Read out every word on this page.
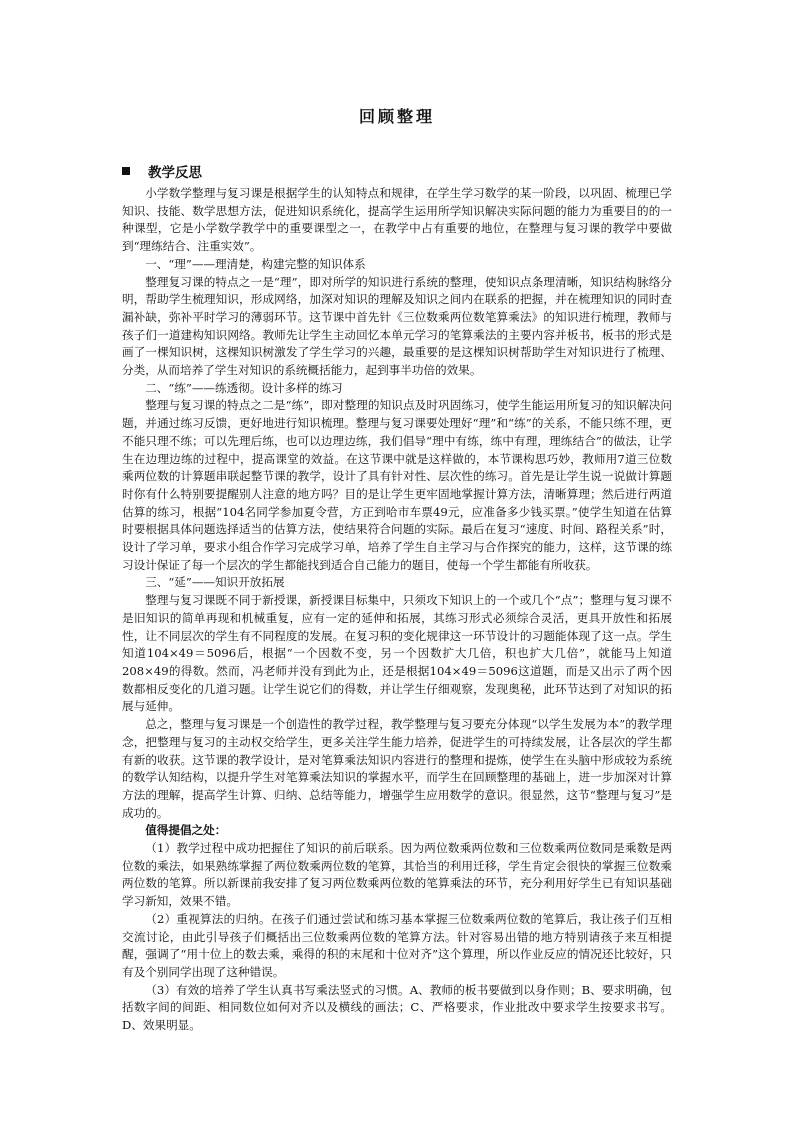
回顾整理
教学反思

小学数学整理与复习课是根据学生的认知特点和规律，在学生学习数学的某一阶段，以巩固、梳理已学知识、技能、数学思想方法，促进知识系统化，提高学生运用所学知识解决实际问题的能力为重要目的的一种课型，它是小学数学教学中的重要课型之一，在教学中占有重要的地位，在整理与复习课的教学中要做到“理练结合、注重实效”。

一、“理”——理清楚，构建完整的知识体系

整理复习课的特点之一是“理”，即对所学的知识进行系统的整理，使知识点条理清晰，知识结构脉络分明，帮助学生梳理知识，形成网络，加深对知识的理解及知识之间内在联系的把握，并在梳理知识的同时查漏补缺，弥补平时学习的薄弱环节。这节课中首先针《三位数乘两位数笔算乘法》的知识进行梳理，教师与孩子们一道建构知识网络。教师先让学生主动回忆本单元学习的笔算乘法的主要内容并板书，板书的形式是画了一棵知识树，这棵知识树激发了学生学习的兴趣，最重要的是这棵知识树帮助学生对知识进行了梳理、分类，从而培养了学生对知识的系统概括能力，起到事半功倍的效果。

二、“练”——练透彻。设计多样的练习

整理与复习课的特点之二是“练”，即对整理的知识点及时巩固练习，使学生能运用所复习的知识解决问题，并通过练习反馈，更好地进行知识梳理。整理与复习课要处理好“理”和“练”的关系，不能只练不理，更不能只理不练；可以先理后练，也可以边理边练，我们倡导“理中有练，练中有理，理练结合”的做法，让学生在边理边练的过程中，提高课堂的效益。在这节课中就是这样做的，本节课构思巧妙，教师用7道三位数乘两位数的计算题串联起整节课的教学，设计了具有针对性、层次性的练习。首先是让学生说一说做计算题时你有什么特别要提醒别人注意的地方吗？目的是让学生更牢固地掌握计算方法，清晰算理；然后进行两道估算的练习，根据“104名同学参加夏令营，方正到哈市车票49元，应准备多少钱买票。”使学生知道在估算时要根据具体问题选择适当的估算方法，使结果符合问题的实际。最后在复习“速度、时间、路程关系”时，设计了学习单，要求小组合作学习完成学习单，培养了学生自主学习与合作探究的能力，这样，这节课的练习设计保证了每一个层次的学生都能找到适合自己能力的题目，使每一个学生都能有所收获。

三、“延”——知识开放拓展

整理与复习课既不同于新授课，新授课目标集中，只须攻下知识上的一个或几个“点”；整理与复习课不是旧知识的简单再现和机械重复，应有一定的延伸和拓展，其练习形式必须综合灵活，更具开放性和拓展性，让不同层次的学生有不同程度的发展。在复习积的变化规律这一环节设计的习题能体现了这一点。学生知道104×49＝5096后，根据“一个因数不变，另一个因数扩大几倍，积也扩大几倍”，就能马上知道208×49的得数。然而，冯老师并没有到此为止，还是根据104×49＝5096这道题，而是又出示了两个因数都相反变化的几道习题。让学生说它们的得数，并让学生仔细观察，发现奥秘，此环节达到了对知识的拓展与延伸。

总之，整理与复习课是一个创造性的教学过程，教学整理与复习要充分体现“以学生发展为本”的教学理念，把整理与复习的主动权交给学生，更多关注学生能力培养，促进学生的可持续发展，让各层次的学生都有新的收获。这节课的教学设计，是对笔算乘法知识内容进行的整理和提炼，使学生在头脑中形成较为系统的数学认知结构，以提升学生对笔算乘法知识的掌握水平，而学生在回顾整理的基础上，进一步加深对计算方法的理解，提高学生计算、归纳、总结等能力，增强学生应用数学的意识。很显然，这节“整理与复习”是成功的。

值得提倡之处：

（1）教学过程中成功把握住了知识的前后联系。因为两位数乘两位数和三位数乘两位数同是乘数是两位数的乘法，如果熟练掌握了两位数乘两位数的笔算，其恰当的利用迁移，学生肯定会很快的掌握三位数乘两位数的笔算。所以新课前我安排了复习两位数乘两位数的笔算乘法的环节，充分利用好学生已有知识基础学习新知，效果不错。

（2）重视算法的归纳。在孩子们通过尝试和练习基本掌握三位数乘两位数的笔算后，我让孩子们互相交流讨论，由此引导孩子们概括出三位数乘两位数的笔算方法。针对容易出错的地方特别请孩子来互相提醒，强调了“用十位上的数去乘，乘得的积的末尾和十位对齐”这个算理，所以作业反应的情况还比较好，只有及个别同学出现了这种错误。

（3）有效的培养了学生认真书写乘法竖式的习惯。A、教师的板书要做到以身作则；B、要求明确，包括数字间的间距、相同数位如何对齐以及横线的画法；C、严格要求，作业批改中要求学生按要求书写。D、效果明显。
